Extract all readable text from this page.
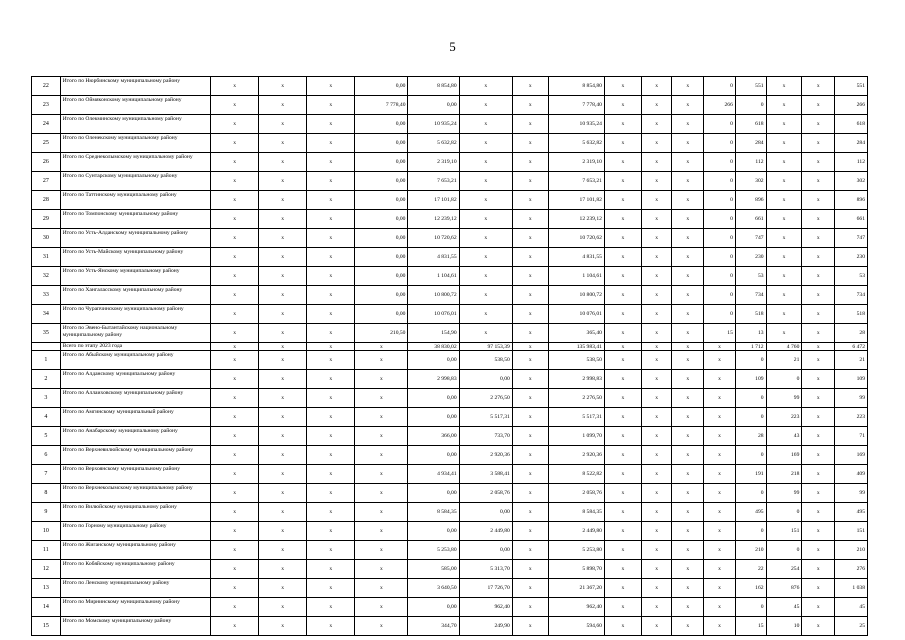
5
22	Итого по Нюрбинскому муниципальному району	x	x	x	0,00	8 854,80	x	x	8 854,80	x	x	x	0	551	x	x	551
23	Итого по Оймяконскому муниципальному району	x	x	x	7 778,40	0,00	x	x	7 778,40	x	x	x	266	0	x	x	266
24	Итого по Олекминскому муниципальному району	x	x	x	0,00	10 935,24	x	x	10 935,24	x	x	x	0	618	x	x	618
25	Итого по Оленекскому муниципальному району	x	x	x	0,00	5 632,82	x	x	5 632,82	x	x	x	0	284	x	x	284
26	Итого по Среднеколымскому муниципальному району	x	x	x	0,00	2 319,10	x	x	2 319,10	x	x	x	0	112	x	x	112
27	Итого по Сунтарскому муниципальному району	x	x	x	0,00	7 653,21	x	x	7 653,21	x	x	x	0	302	x	x	302
28	Итого по Таттинскому муниципальному району	x	x	x	0,00	17 101,82	x	x	17 101,82	x	x	x	0	896	x	x	896
29	Итого по Томпонскому муниципальному району	x	x	x	0,00	12 239,12	x	x	12 239,12	x	x	x	0	661	x	x	661
30	Итого по Усть-Алданскому муниципальному району	x	x	x	0,00	10 720,62	x	x	10 720,62	x	x	x	0	747	x	x	747
31	Итого по Усть-Майскому муниципальному району	x	x	x	0,00	4 831,55	x	x	4 831,55	x	x	x	0	230	x	x	230
32	Итого по Усть-Янскому муниципальному району	x	x	x	0,00	1 104,61	x	x	1 104,61	x	x	x	0	53	x	x	53
33	Итого по Хангаласскому муниципальному району	x	x	x	0,00	10 800,72	x	x	10 800,72	x	x	x	0	734	x	x	734
34	Итого по Чурапчинскому муниципальному району	x	x	x	0,00	10 076,01	x	x	10 076,01	x	x	x	0	518	x	x	518
35	Итого по Эвено-Бытантайскому национальному муниципальному району	x	x	x	210,50	154,90	x	x	365,40	x	x	x	15	13	x	x	28
	Всего по этапу 2023 года	x	x	x	x	38 830,02	97 153,39	x	135 983,41	x	x	x	x	1 712	4 760	x	6 472
1	Итого по Абыйскому муниципальному району	x	x	x	x	0,00	538,50	x	538,50	x	x	x	x	0	21	x	21
2	Итого по Алданскому муниципальному району	x	x	x	x	2 998,83	0,00	x	2 998,83	x	x	x	x	109	0	x	109
3	Итого по Аллаиховскому муниципальному району	x	x	x	x	0,00	2 276,50	x	2 276,50	x	x	x	x	0	99	x	99
4	Итого по Амгинскому муниципальный району	x	x	x	x	0,00	5 517,31	x	5 517,31	x	x	x	x	0	223	x	223
5	Итого по Анабарскому муниципальному району	x	x	x	x	366,00	733,70	x	1 099,70	x	x	x	x	28	43	x	71
6	Итого по Верхневилюйскому муниципальному району	x	x	x	x	0,00	2 920,36	x	2 920,36	x	x	x	x	0	169	x	169
7	Итого по Верхоянскому муниципальному району	x	x	x	x	4 934,41	3 588,41	x	8 522,82	x	x	x	x	191	218	x	409
8	Итого по Верхнеколымскому муниципальному району	x	x	x	x	0,00	2 058,76	x	2 058,76	x	x	x	x	0	99	x	99
9	Итого по Вилюйскому муниципальному району	x	x	x	x	8 584,35	0,00	x	8 584,35	x	x	x	x	495	0	x	495
10	Итого по Горному муниципальному району	x	x	x	x	0,00	2 449,80	x	2 449,80	x	x	x	x	0	151	x	151
11	Итого по Жиганскому муниципальному району	x	x	x	x	5 253,80	0,00	x	5 253,80	x	x	x	x	210	0	x	210
12	Итого по Кобяйскому муниципальному району	x	x	x	x	585,00	5 313,70	x	5 898,70	x	x	x	x	22	254	x	276
13	Итого по Ленскому муниципальному району	x	x	x	x	3 640,50	17 726,70	x	21 367,20	x	x	x	x	162	876	x	1 038
14	Итого по Мирнинскому муниципальному району	x	x	x	x	0,00	962,40	x	962,40	x	x	x	x	0	45	x	45
15	Итого по Момскому муниципальному району	x	x	x	x	344,70	249,90	x	594,60	x	x	x	x	15	10	x	25
